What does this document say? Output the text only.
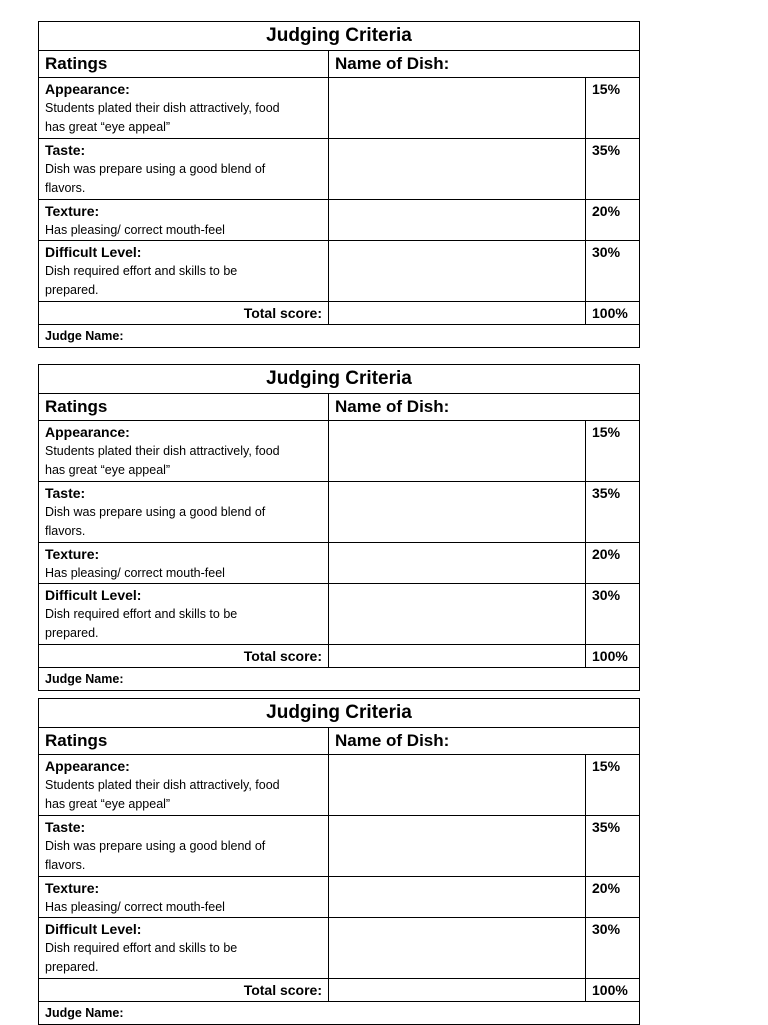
Judging Criteria
Ratings	Name of Dish:
Appearance:
Students plated their dish attractively, food
has great “eye appeal”
15%
Taste:
Dish was prepare using a good blend of
flavors.
35%
Texture:
Has pleasing/ correct mouth-feel
20%
Difficult Level:
Dish required effort and skills to be
prepared.
30%
Total score:	100%
Judge Name:
Judging Criteria
Ratings	Name of Dish:
Appearance:
Students plated their dish attractively, food
has great “eye appeal”
15%
Taste:
Dish was prepare using a good blend of
flavors.
35%
Texture:
Has pleasing/ correct mouth-feel
20%
Difficult Level:
Dish required effort and skills to be
prepared.
30%
Total score:	100%
Judge Name:
Judging Criteria
Ratings	Name of Dish:
Appearance:
Students plated their dish attractively, food
has great “eye appeal”
15%
Taste:
Dish was prepare using a good blend of
flavors.
35%
Texture:
Has pleasing/ correct mouth-feel
20%
Difficult Level:
Dish required effort and skills to be
prepared.
30%
Total score:	100%
Judge Name:
